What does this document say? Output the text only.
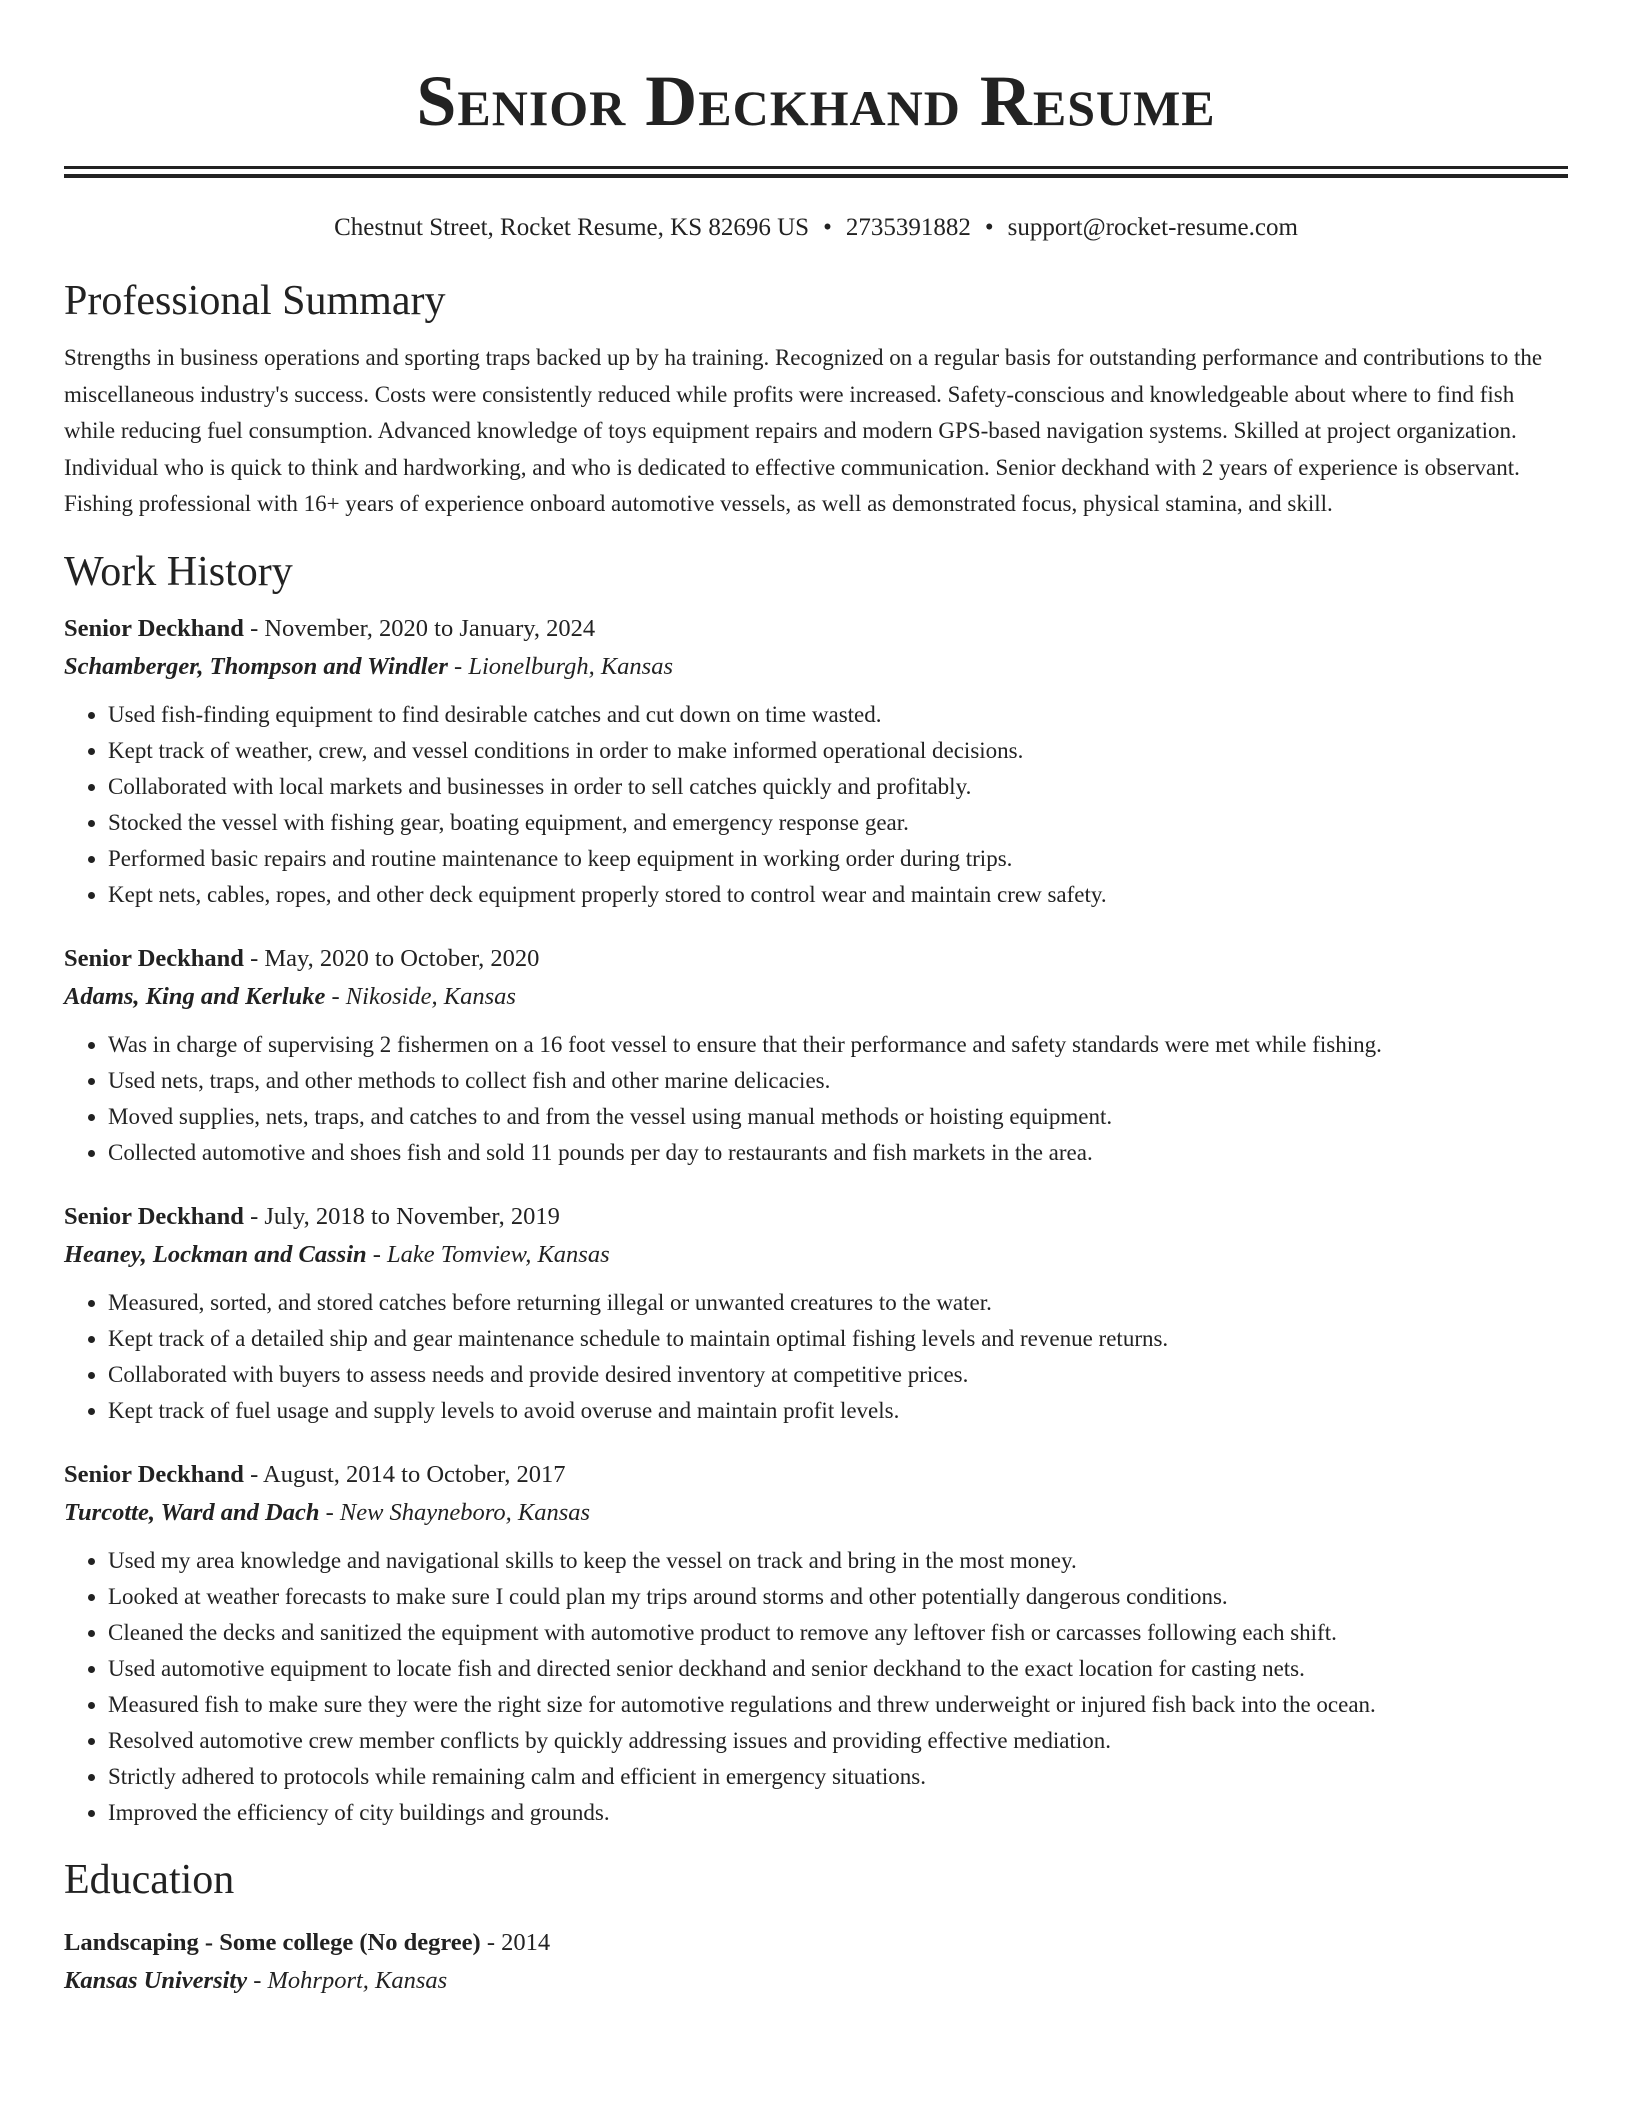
Senior Deckhand Resume
Chestnut Street, Rocket Resume, KS 82696 US • 2735391882 • support@rocket-resume.com
Professional Summary

Strengths in business operations and sporting traps backed up by ha training. Recognized on a regular basis for outstanding performance and contributions to the miscellaneous industry's success. Costs were consistently reduced while profits were increased. Safety-conscious and knowledgeable about where to find fish while reducing fuel consumption. Advanced knowledge of toys equipment repairs and modern GPS-based navigation systems. Skilled at project organization. Individual who is quick to think and hardworking, and who is dedicated to effective communication. Senior deckhand with 2 years of experience is observant. Fishing professional with 16+ years of experience onboard automotive vessels, as well as demonstrated focus, physical stamina, and skill.

Work History
Senior Deckhand - November, 2020 to January, 2024
Schamberger, Thompson and Windler - Lionelburgh, Kansas
• Used fish-finding equipment to find desirable catches and cut down on time wasted.
• Kept track of weather, crew, and vessel conditions in order to make informed operational decisions.
• Collaborated with local markets and businesses in order to sell catches quickly and profitably.
• Stocked the vessel with fishing gear, boating equipment, and emergency response gear.
• Performed basic repairs and routine maintenance to keep equipment in working order during trips.
• Kept nets, cables, ropes, and other deck equipment properly stored to control wear and maintain crew safety.
Senior Deckhand - May, 2020 to October, 2020
Adams, King and Kerluke - Nikoside, Kansas
• Was in charge of supervising 2 fishermen on a 16 foot vessel to ensure that their performance and safety standards were met while fishing.
• Used nets, traps, and other methods to collect fish and other marine delicacies.
• Moved supplies, nets, traps, and catches to and from the vessel using manual methods or hoisting equipment.
• Collected automotive and shoes fish and sold 11 pounds per day to restaurants and fish markets in the area.
Senior Deckhand - July, 2018 to November, 2019
Heaney, Lockman and Cassin - Lake Tomview, Kansas
• Measured, sorted, and stored catches before returning illegal or unwanted creatures to the water.
• Kept track of a detailed ship and gear maintenance schedule to maintain optimal fishing levels and revenue returns.
• Collaborated with buyers to assess needs and provide desired inventory at competitive prices.
• Kept track of fuel usage and supply levels to avoid overuse and maintain profit levels.
Senior Deckhand - August, 2014 to October, 2017
Turcotte, Ward and Dach - New Shayneboro, Kansas
• Used my area knowledge and navigational skills to keep the vessel on track and bring in the most money.
• Looked at weather forecasts to make sure I could plan my trips around storms and other potentially dangerous conditions.
• Cleaned the decks and sanitized the equipment with automotive product to remove any leftover fish or carcasses following each shift.
• Used automotive equipment to locate fish and directed senior deckhand and senior deckhand to the exact location for casting nets.
• Measured fish to make sure they were the right size for automotive regulations and threw underweight or injured fish back into the ocean.
• Resolved automotive crew member conflicts by quickly addressing issues and providing effective mediation.
• Strictly adhered to protocols while remaining calm and efficient in emergency situations.
• Improved the efficiency of city buildings and grounds.
Education
Landscaping - Some college (No degree) - 2014
Kansas University - Mohrport, Kansas
